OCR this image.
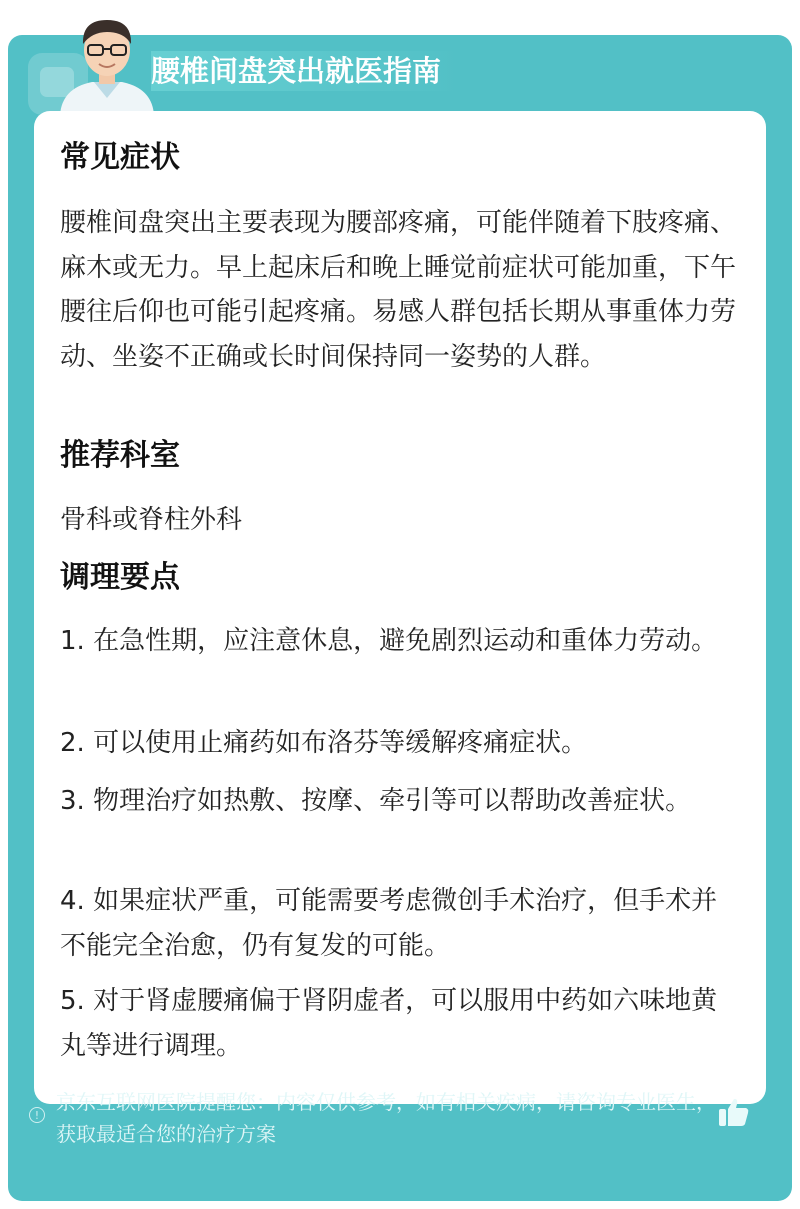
腰椎间盘突出就医指南
常见症状

腰椎间盘突出主要表现为腰部疼痛，可能伴随着下肢疼痛、麻木或无力。早上起床后和晚上睡觉前症状可能加重，下午腰往后仰也可能引起疼痛。易感人群包括长期从事重体力劳动、坐姿不正确或长时间保持同一姿势的人群。

推荐科室

骨科或脊柱外科

调理要点

1. 在急性期，应注意休息，避免剧烈运动和重体力劳动。

2. 可以使用止痛药如布洛芬等缓解疼痛症状。

3. 物理治疗如热敷、按摩、牵引等可以帮助改善症状。

4. 如果症状严重，可能需要考虑微创手术治疗，但手术并不能完全治愈，仍有复发的可能。

5. 对于肾虚腰痛偏于肾阴虚者，可以服用中药如六味地黄丸等进行调理。

!
京东互联网医院提醒您：内容仅供参考，如有相关疾病，请咨询专业医生，获取最适合您的治疗方案
